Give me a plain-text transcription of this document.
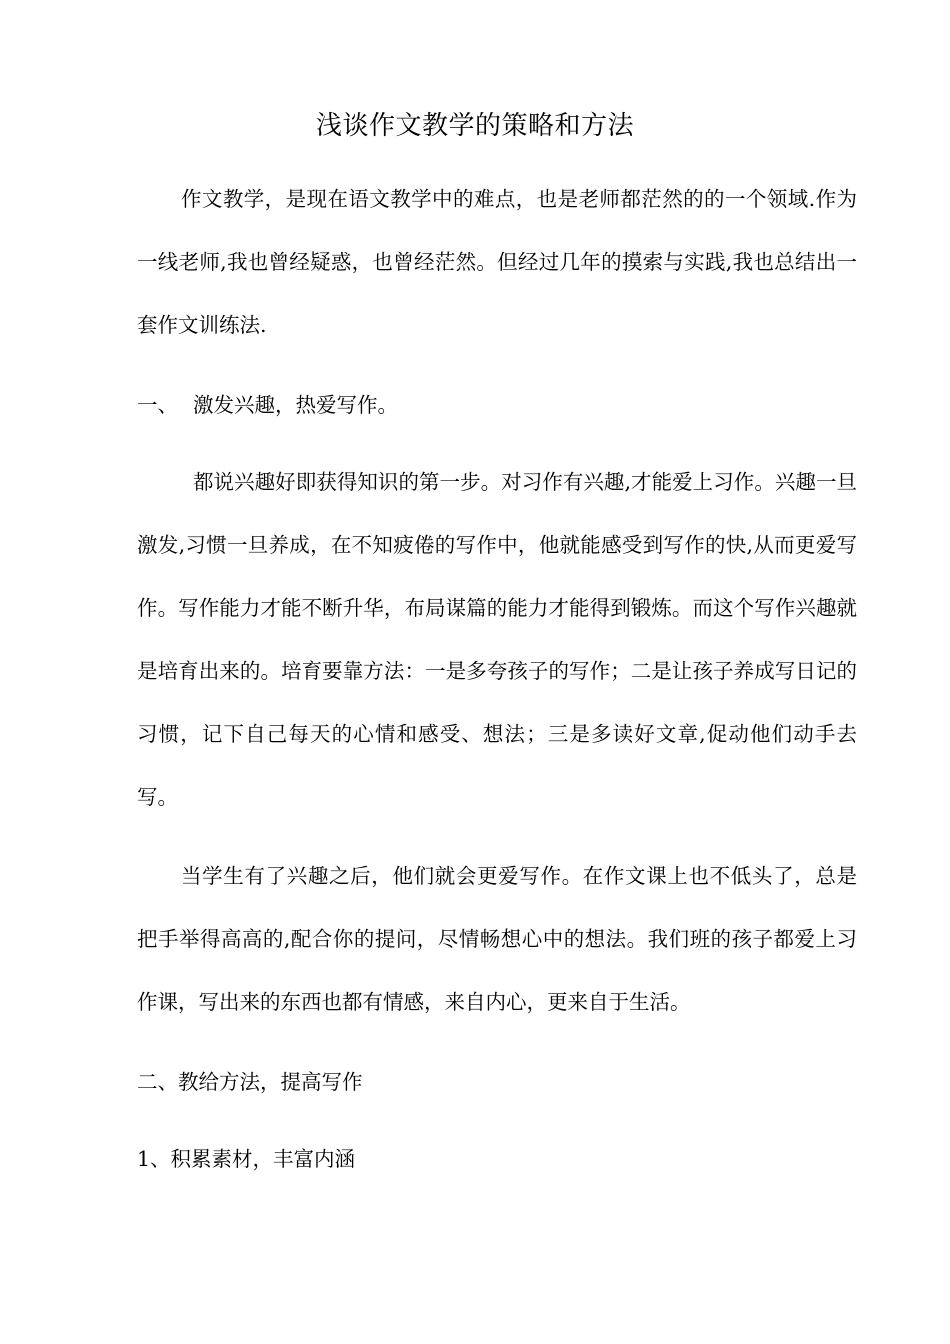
浅谈作文教学的策略和方法

作文教学，是现在语文教学中的难点，也是老师都茫然的的一个领域.作为一线老师,我也曾经疑惑，也曾经茫然。但经过几年的摸索与实践,我也总结出一套作文训练法.

一、 激发兴趣，热爱写作。

都说兴趣好即获得知识的第一步。对习作有兴趣,才能爱上习作。兴趣一旦激发,习惯一旦养成，在不知疲倦的写作中，他就能感受到写作的快,从而更爱写作。写作能力才能不断升华，布局谋篇的能力才能得到锻炼。而这个写作兴趣就是培育出来的。培育要靠方法：一是多夸孩子的写作；二是让孩子养成写日记的习惯，记下自己每天的心情和感受、想法；三是多读好文章,促动他们动手去写。

当学生有了兴趣之后，他们就会更爱写作。在作文课上也不低头了，总是把手举得高高的,配合你的提问，尽情畅想心中的想法。我们班的孩子都爱上习作课，写出来的东西也都有情感，来自内心，更来自于生活。

二、教给方法，提高写作
1、积累素材，丰富内涵
